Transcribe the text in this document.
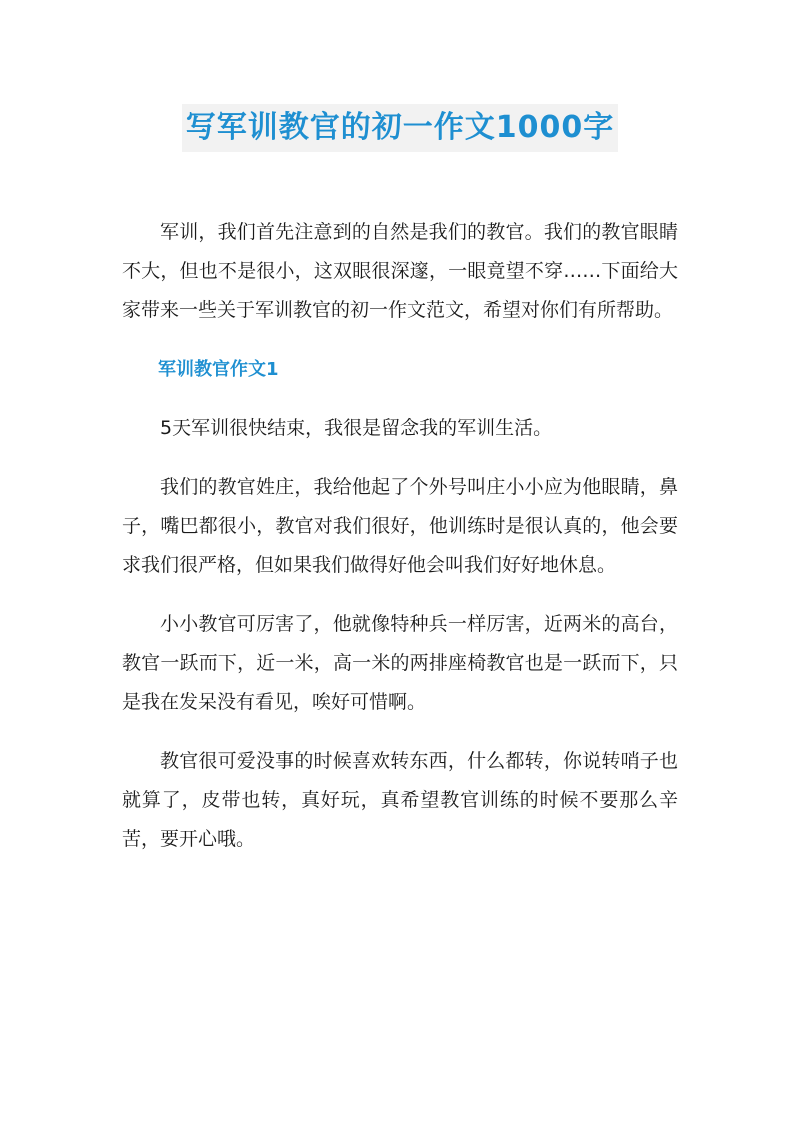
写军训教官的初一作文1000字

军训，我们首先注意到的自然是我们的教官。我们的教官眼睛不大，但也不是很小，这双眼很深邃，一眼竟望不穿……下面给大家带来一些关于军训教官的初一作文范文，希望对你们有所帮助。

军训教官作文1

5天军训很快结束，我很是留念我的军训生活。

我们的教官姓庄，我给他起了个外号叫庄小小应为他眼睛，鼻子，嘴巴都很小，教官对我们很好，他训练时是很认真的，他会要求我们很严格，但如果我们做得好他会叫我们好好地休息。

小小教官可厉害了，他就像特种兵一样厉害，近两米的高台，教官一跃而下，近一米，高一米的两排座椅教官也是一跃而下，只是我在发呆没有看见，唉好可惜啊。

教官很可爱没事的时候喜欢转东西，什么都转，你说转哨子也就算了，皮带也转，真好玩，真希望教官训练的时候不要那么辛苦，要开心哦。
